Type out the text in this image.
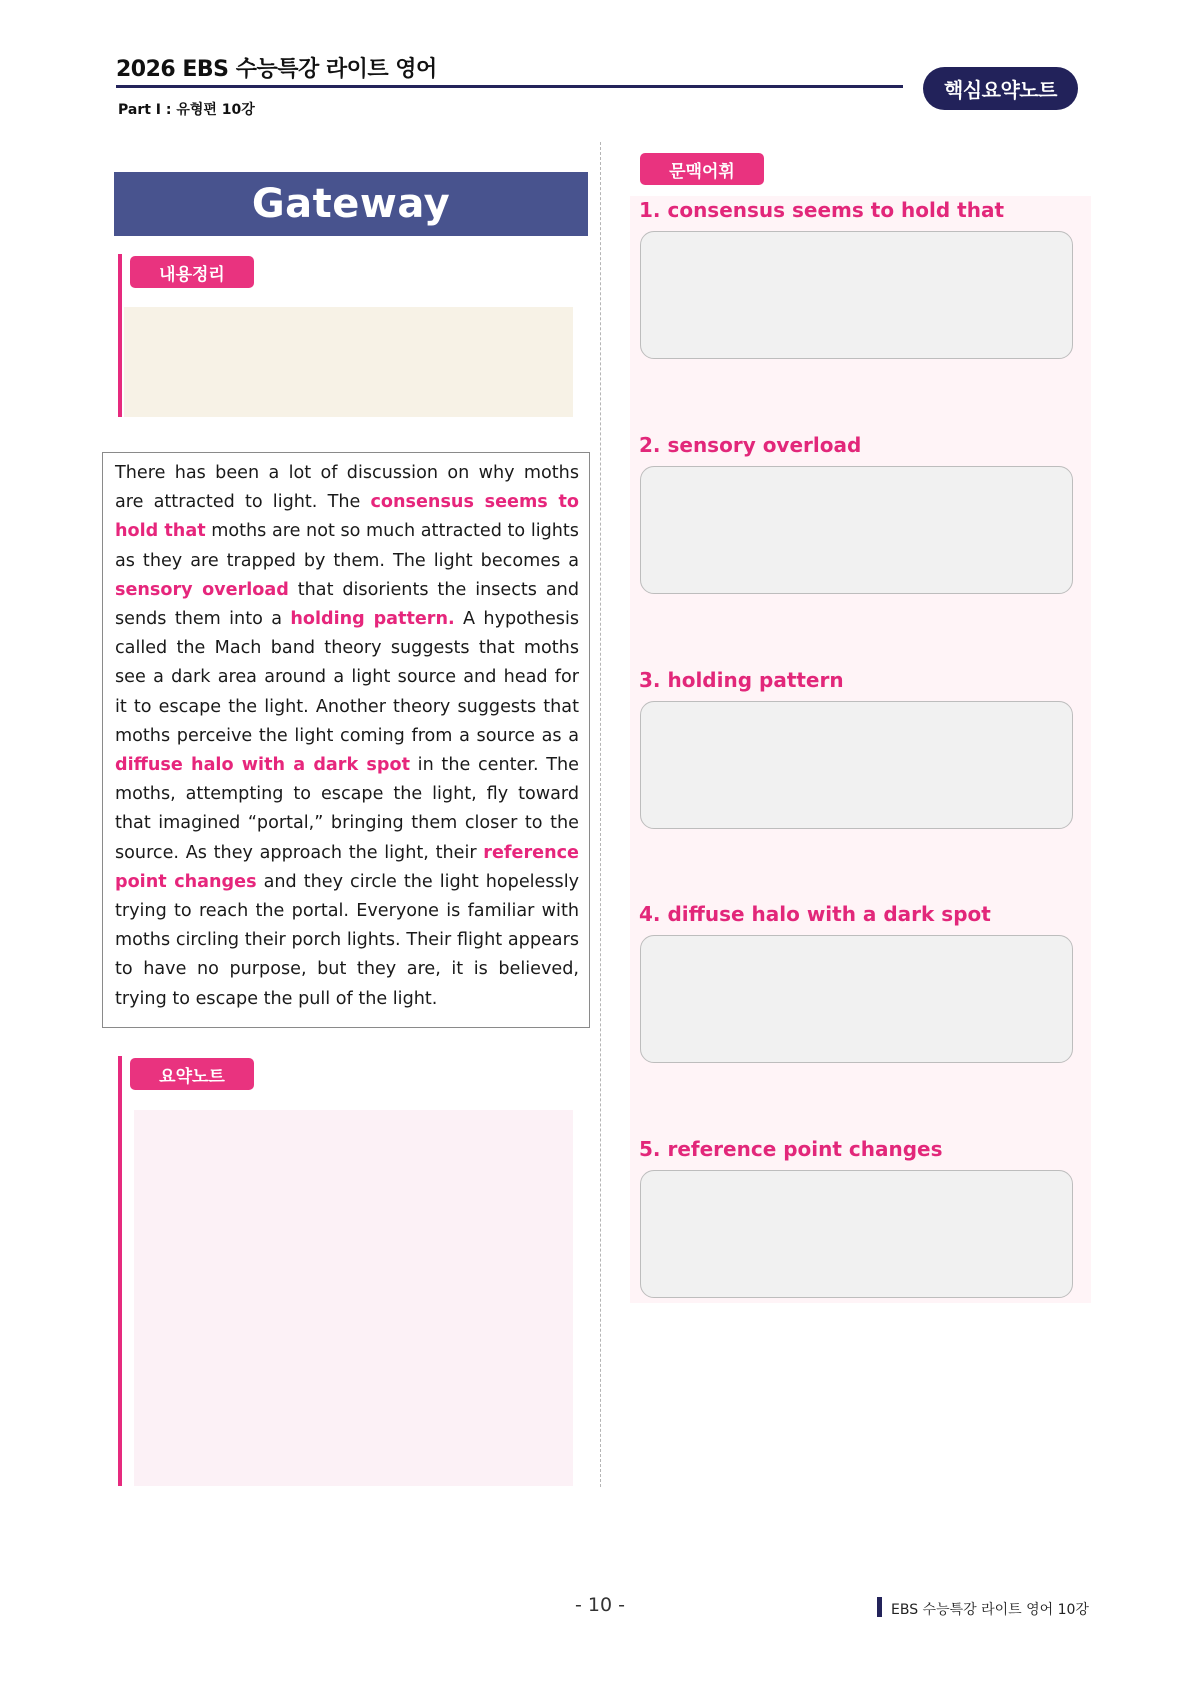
2026 EBS 수능특강 라이트 영어
Part Ⅰ : 유형편 10강
핵심요약노트
Gateway
내용정리
There has been a lot of discussion on why moths are attracted to light. The consensus seems to hold that moths are not so much attracted to lights as they are trapped by them. The light becomes a sensory overload that disorients the insects and sends them into a holding pattern. A hypothesis called the Mach band theory suggests that moths see a dark area around a light source and head for it to escape the light. Another theory suggests that moths perceive the light coming from a source as a diffuse halo with a dark spot in the center. The moths, attempting to escape the light, fly toward that imagined “portal,” bringing them closer to the source. As they approach the light, their reference point changes and they circle the light hopelessly trying to reach the portal. Everyone is familiar with moths circling their porch lights. Their flight appears to have no purpose, but they are, it is believed, trying to escape the pull of the light.
요약노트
문맥어휘
1. consensus seems to hold that
2. sensory overload
3. holding pattern
4. diffuse halo with a dark spot
5. reference point changes
- 10 -	EBS 수능특강 라이트 영어 10강
